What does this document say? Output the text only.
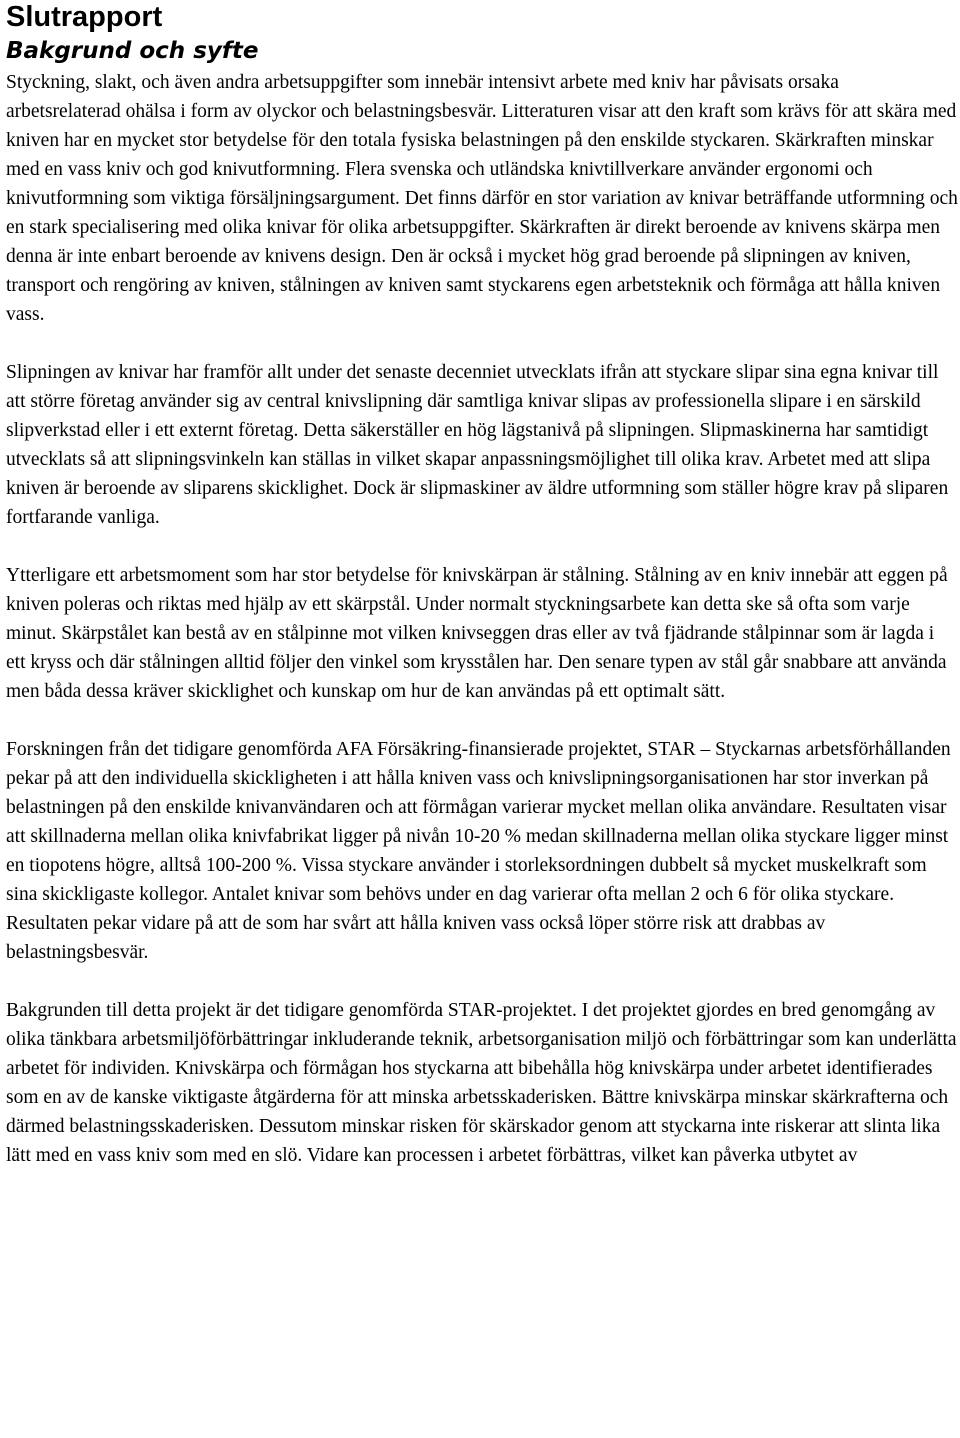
Slutrapport
Bakgrund och syfte

Styckning, slakt, och även andra arbetsuppgifter som innebär intensivt arbete med kniv har påvisats orsaka arbetsrelaterad ohälsa i form av olyckor och belastningsbesvär. Litteraturen visar att den kraft som krävs för att skära med kniven har en mycket stor betydelse för den totala fysiska belastningen på den enskilde styckaren. Skärkraften minskar med en vass kniv och god knivutformning. Flera svenska och utländska knivtillverkare använder ergonomi och knivutformning som viktiga försäljningsargument. Det finns därför en stor variation av knivar beträffande utformning och en stark specialisering med olika knivar för olika arbetsuppgifter. Skärkraften är direkt beroende av knivens skärpa men denna är inte enbart beroende av knivens design. Den är också i mycket hög grad beroende på slipningen av kniven, transport och rengöring av kniven, stålningen av kniven samt styckarens egen arbetsteknik och förmåga att hålla kniven vass.

Slipningen av knivar har framför allt under det senaste decenniet utvecklats ifrån att styckare slipar sina egna knivar till att större företag använder sig av central knivslipning där samtliga knivar slipas av professionella slipare i en särskild slipverkstad eller i ett externt företag. Detta säkerställer en hög lägstanivå på slipningen. Slipmaskinerna har samtidigt utvecklats så att slipningsvinkeln kan ställas in vilket skapar anpassningsmöjlighet till olika krav. Arbetet med att slipa kniven är beroende av sliparens skicklighet. Dock är slipmaskiner av äldre utformning som ställer högre krav på sliparen fortfarande vanliga.

Ytterligare ett arbetsmoment som har stor betydelse för knivskärpan är stålning. Stålning av en kniv innebär att eggen på kniven poleras och riktas med hjälp av ett skärpstål. Under normalt styckningsarbete kan detta ske så ofta som varje minut. Skärpstålet kan bestå av en stålpinne mot vilken knivseggen dras eller av två fjädrande stålpinnar som är lagda i ett kryss och där stålningen alltid följer den vinkel som krysstålen har. Den senare typen av stål går snabbare att använda men båda dessa kräver skicklighet och kunskap om hur de kan användas på ett optimalt sätt.

Forskningen från det tidigare genomförda AFA Försäkring-finansierade projektet, STAR – Styckarnas arbetsförhållanden pekar på att den individuella skickligheten i att hålla kniven vass och knivslipningsorganisationen har stor inverkan på belastningen på den enskilde knivanvändaren och att förmågan varierar mycket mellan olika användare. Resultaten visar att skillnaderna mellan olika knivfabrikat ligger på nivån 10-20 % medan skillnaderna mellan olika styckare ligger minst en tiopotens högre, alltså 100-200 %. Vissa styckare använder i storleksordningen dubbelt så mycket muskelkraft som sina skickligaste kollegor. Antalet knivar som behövs under en dag varierar ofta mellan 2 och 6 för olika styckare. Resultaten pekar vidare på att de som har svårt att hålla kniven vass också löper större risk att drabbas av belastningsbesvär.

Bakgrunden till detta projekt är det tidigare genomförda STAR-projektet. I det projektet gjordes en bred genomgång av olika tänkbara arbetsmiljöförbättringar inkluderande teknik, arbetsorganisation miljö och förbättringar som kan underlätta arbetet för individen. Knivskärpa och förmågan hos styckarna att bibehålla hög knivskärpa under arbetet identifierades som en av de kanske viktigaste åtgärderna för att minska arbetsskaderisken. Bättre knivskärpa minskar skärkrafterna och därmed belastningsskaderisken. Dessutom minskar risken för skärskador genom att styckarna inte riskerar att slinta lika lätt med en vass kniv som med en slö. Vidare kan processen i arbetet förbättras, vilket kan påverka utbytet av
